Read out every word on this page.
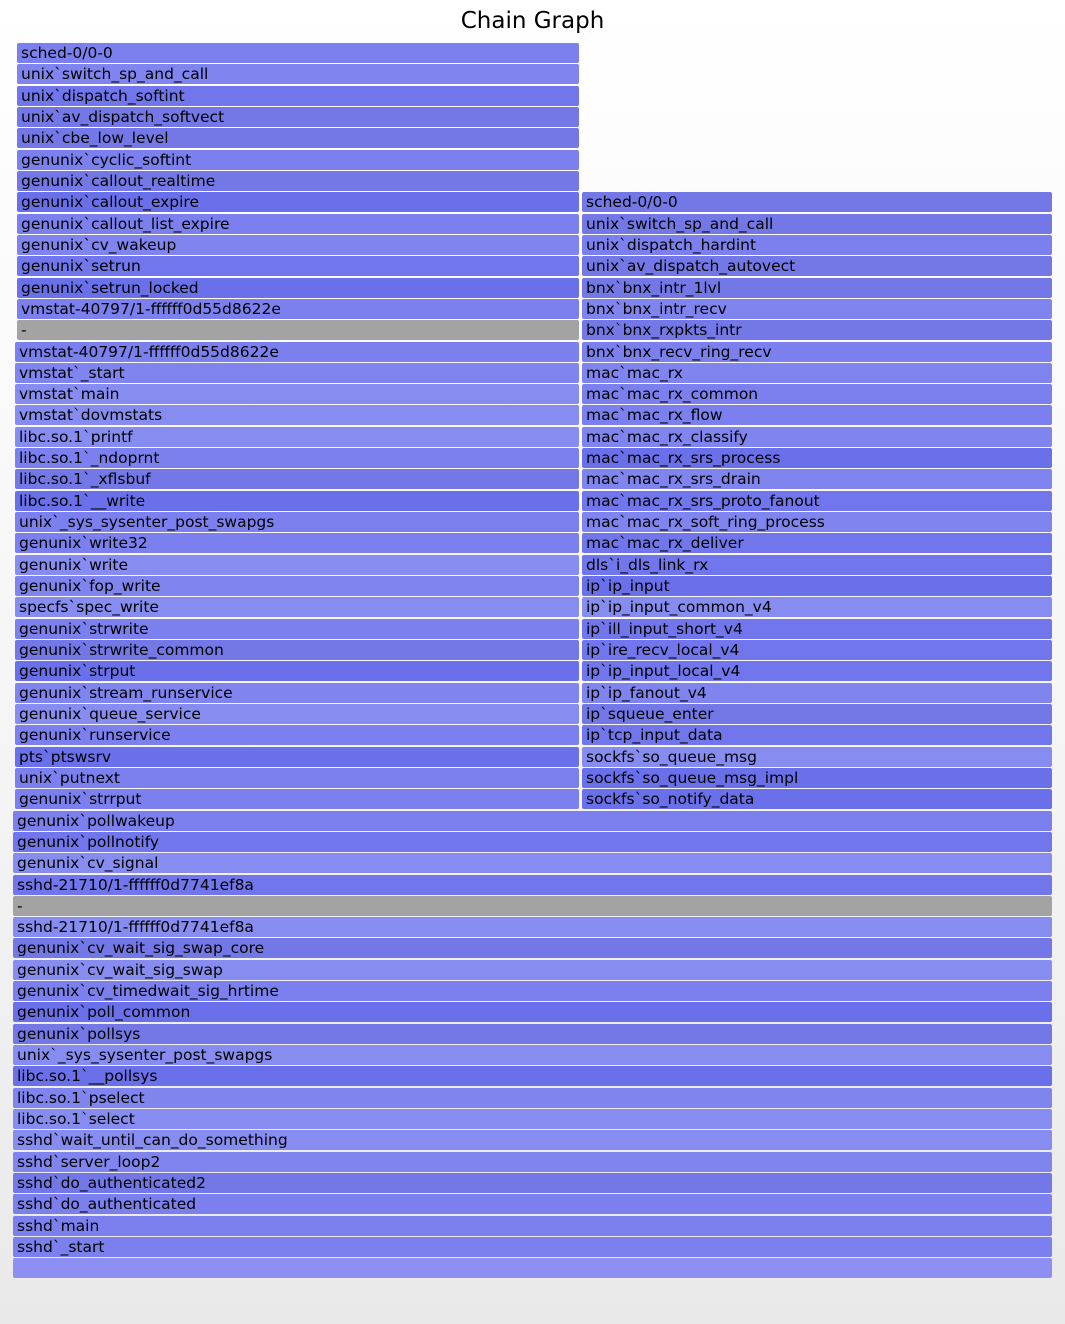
Chain Graph
sched-0/0-0
unix`switch_sp_and_call
unix`dispatch_softint
unix`av_dispatch_softvect
unix`cbe_low_level
genunix`cyclic_softint
genunix`callout_realtime
genunix`callout_expire
genunix`callout_list_expire
genunix`cv_wakeup
genunix`setrun
genunix`setrun_locked
vmstat-40797/1-ffffff0d55d8622e
-
sched-0/0-0
unix`switch_sp_and_call
unix`dispatch_hardint
unix`av_dispatch_autovect
bnx`bnx_intr_1lvl
bnx`bnx_intr_recv
bnx`bnx_rxpkts_intr
bnx`bnx_recv_ring_recv
mac`mac_rx
mac`mac_rx_common
mac`mac_rx_flow
mac`mac_rx_classify
mac`mac_rx_srs_process
mac`mac_rx_srs_drain
mac`mac_rx_srs_proto_fanout
mac`mac_rx_soft_ring_process
mac`mac_rx_deliver
dls`i_dls_link_rx
ip`ip_input
ip`ip_input_common_v4
ip`ill_input_short_v4
ip`ire_recv_local_v4
ip`ip_input_local_v4
ip`ip_fanout_v4
ip`squeue_enter
ip`tcp_input_data
sockfs`so_queue_msg
sockfs`so_queue_msg_impl
sockfs`so_notify_data
vmstat-40797/1-ffffff0d55d8622e
vmstat`_start
vmstat`main
vmstat`dovmstats
libc.so.1`printf
libc.so.1`_ndoprnt
libc.so.1`_xflsbuf
libc.so.1`__write
unix`_sys_sysenter_post_swapgs
genunix`write32
genunix`write
genunix`fop_write
specfs`spec_write
genunix`strwrite
genunix`strwrite_common
genunix`strput
genunix`stream_runservice
genunix`queue_service
genunix`runservice
pts`ptswsrv
unix`putnext
genunix`strrput
genunix`pollwakeup
genunix`pollnotify
genunix`cv_signal
sshd-21710/1-ffffff0d7741ef8a
-
sshd-21710/1-ffffff0d7741ef8a
genunix`cv_wait_sig_swap_core
genunix`cv_wait_sig_swap
genunix`cv_timedwait_sig_hrtime
genunix`poll_common
genunix`pollsys
unix`_sys_sysenter_post_swapgs
libc.so.1`__pollsys
libc.so.1`pselect
libc.so.1`select
sshd`wait_until_can_do_something
sshd`server_loop2
sshd`do_authenticated2
sshd`do_authenticated
sshd`main
sshd`_start
